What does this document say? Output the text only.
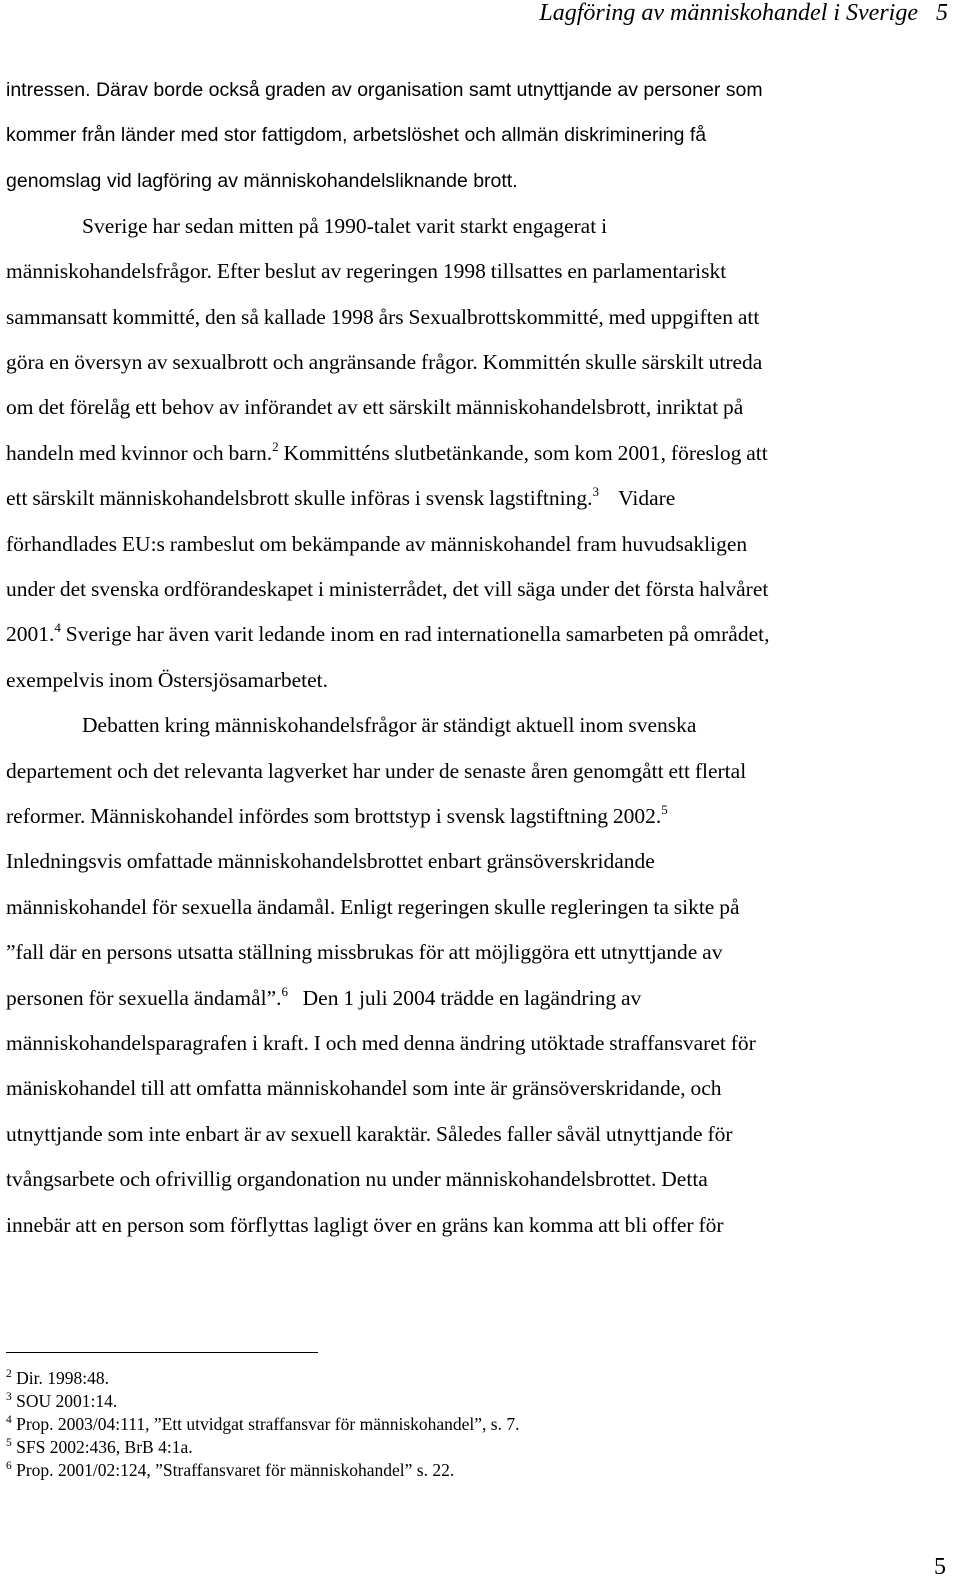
Lagföring av människohandel i Sverige 5
intressen. Därav borde också graden av organisation samt utnyttjande av personer som
kommer från länder med stor fattigdom, arbetslöshet och allmän diskriminering få
genomslag vid lagföring av människohandelsliknande brott.
Sverige har sedan mitten på 1990-talet varit starkt engagerat i
människohandelsfrågor. Efter beslut av regeringen 1998 tillsattes en parlamentariskt
sammansatt kommitté, den så kallade 1998 års Sexualbrottskommitté, med uppgiften att
göra en översyn av sexualbrott och angränsande frågor. Kommittén skulle särskilt utreda
om det förelåg ett behov av införandet av ett särskilt människohandelsbrott, inriktat på
handeln med kvinnor och barn.$^2$ Kommitténs slutbetänkande, som kom 2001, föreslog att
ett särskilt människohandelsbrott skulle införas i svensk lagstiftning.$^3$ Vidare
förhandlades EU:s rambeslut om bekämpande av människohandel fram huvudsakligen
under det svenska ordförandeskapet i ministerrådet, det vill säga under det första halvåret
2001.$^4$ Sverige har även varit ledande inom en rad internationella samarbeten på området,
exempelvis inom Östersjösamarbetet.
Debatten kring människohandelsfrågor är ständigt aktuell inom svenska
departement och det relevanta lagverket har under de senaste åren genomgått ett flertal
reformer. Människohandel infördes som brottstyp i svensk lagstiftning 2002.$^5$
Inledningsvis omfattade människohandelsbrottet enbart gränsöverskridande
människohandel för sexuella ändamål. Enligt regeringen skulle regleringen ta sikte på
”fall där en persons utsatta ställning missbrukas för att möjliggöra ett utnyttjande av
personen för sexuella ändamål”.$^6$ Den 1 juli 2004 trädde en lagändring av
människohandelsparagrafen i kraft. I och med denna ändring utöktade straffansvaret för
mäniskohandel till att omfatta människohandel som inte är gränsöverskridande, och
utnyttjande som inte enbart är av sexuell karaktär. Således faller såväl utnyttjande för
tvångsarbete och ofrivillig organdonation nu under människohandelsbrottet. Detta
innebär att en person som förflyttas lagligt över en gräns kan komma att bli offer för
$^2$ Dir. 1998:48.
$^3$ SOU 2001:14.
$^4$ Prop. 2003/04:111, ”Ett utvidgat straffansvar för människohandel”, s. 7.
$^5$ SFS 2002:436, BrB 4:1a.
$^6$ Prop. 2001/02:124, ”Straffansvaret för människohandel” s. 22.
5
